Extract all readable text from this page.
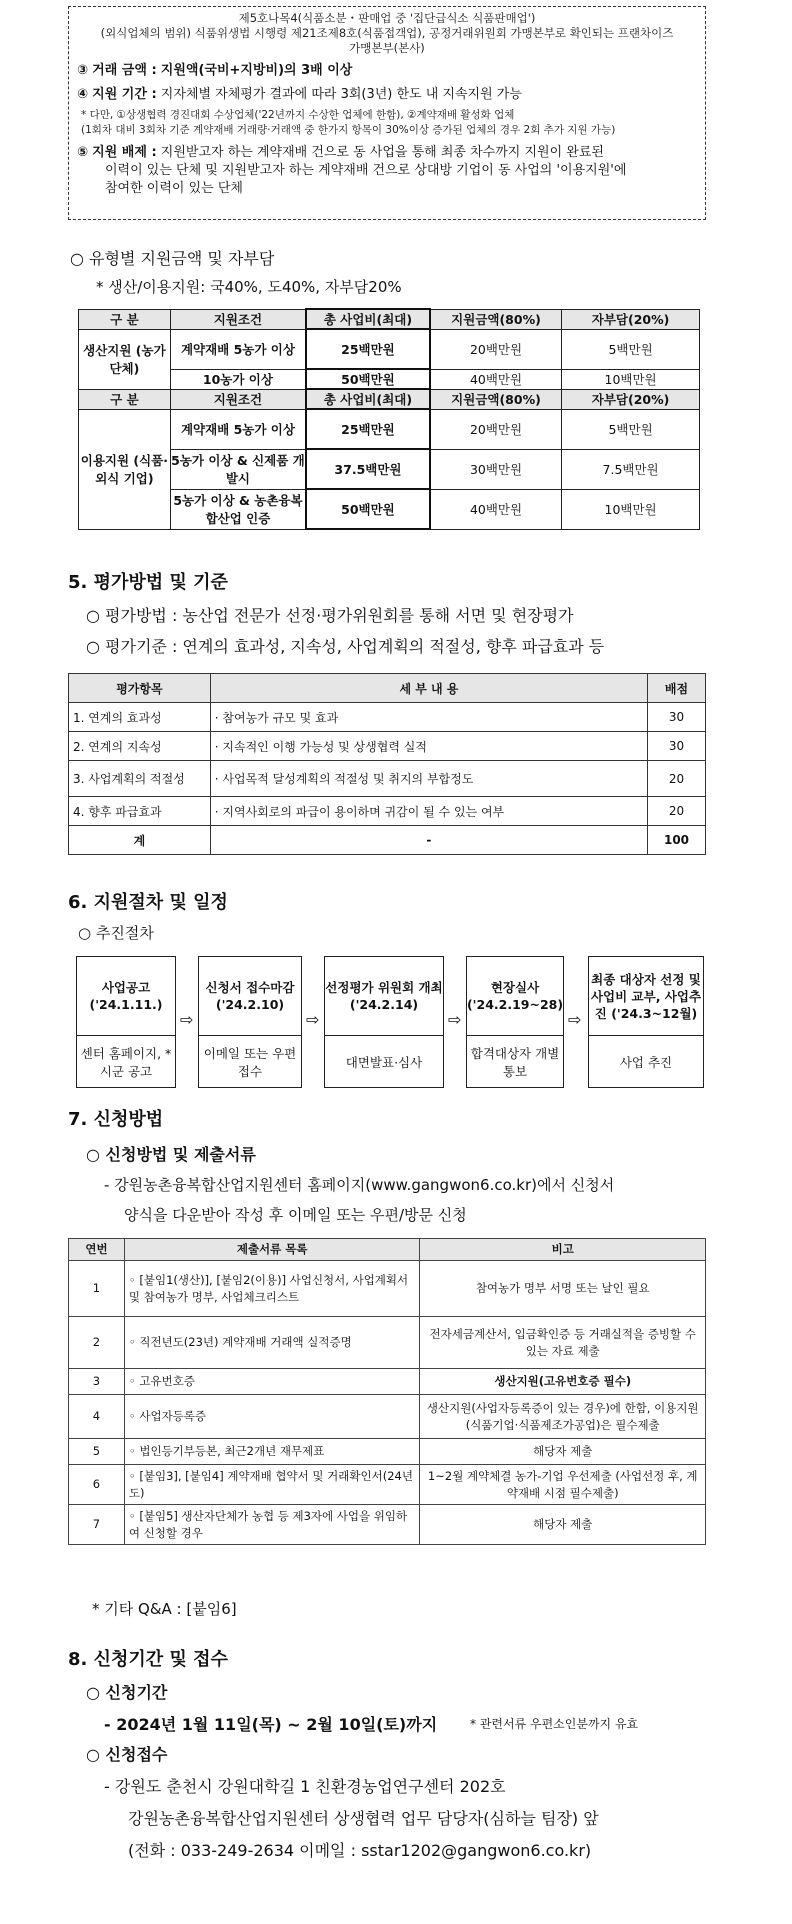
제5호나목4(식품소분・판매업 중 '집단급식소 식품판매업')
(외식업체의 범위) 식품위생법 시행령 제21조제8호(식품접객업), 공정거래위원회 가맹본부로 확인되는 프랜차이즈
가맹본부(본사)
③ 거래 금액 : 지원액(국비+지방비)의 3배 이상
④ 지원 기간 : 지자체별 자체평가 결과에 따라 3회(3년) 한도 내 지속지원 가능
* 다만, ①상생협력 경진대회 수상업체('22년까지 수상한 업체에 한함), ②계약재배 활성화 업체
(1회차 대비 3회차 기준 계약재배 거래량·거래액 중 한가지 항목이 30%이상 증가된 업체의 경우 2회 추가 지원 가능)
⑤ 지원 배제 : 지원받고자 하는 계약재배 건으로 동 사업을 통해 최종 차수까지 지원이 완료된
이력이 있는 단체 및 지원받고자 하는 계약재배 건으로 상대방 기업이 동 사업의 '이용지원'에
참여한 이력이 있는 단체
○ 유형별 지원금액 및 자부담
* 생산/이용지원: 국40%, 도40%, 자부담20%
구 분	지원조건	총 사업비(최대)	지원금액(80%)	자부담(20%)
생산지원 (농가단체)	계약재배 5농가 이상	25백만원	20백만원	5백만원
	10농가 이상	50백만원	40백만원	10백만원
구 분	지원조건	총 사업비(최대)	지원금액(80%)	자부담(20%)
이용지원 (식품·외식 기업)	계약재배 5농가 이상	25백만원	20백만원	5백만원
	5농가 이상 & 신제품 개발시	37.5백만원	30백만원	7.5백만원
	5농가 이상 & 농촌융복합산업 인증	50백만원	40백만원	10백만원
5. 평가방법 및 기준
○ 평가방법 : 농산업 전문가 선정·평가위원회를 통해 서면 및 현장평가
○ 평가기준 : 연계의 효과성, 지속성, 사업계획의 적절성, 향후 파급효과 등
평가항목	세 부 내 용	배점
1. 연계의 효과성	· 참여농가 규모 및 효과	30
2. 연계의 지속성	· 지속적인 이행 가능성 및 상생협력 실적	30
3. 사업계획의 적절성	· 사업목적 달성계획의 적절성 및 취지의 부합정도	20
4. 향후 파급효과	· 지역사회로의 파급이 용이하며 귀감이 될 수 있는 여부	20
계	-	100
6. 지원절차 및 일정
○ 추진절차
사업공고 ('24.1.11.)
센터 홈페이지, *시군 공고
⇨
신청서 접수마감 ('24.2.10)
이메일 또는 우편 접수
⇨
선정평가 위원회 개최 ('24.2.14)
대면발표·심사
⇨
현장실사 ('24.2.19~28)
합격대상자 개별 통보
⇨
최종 대상자 선정 및 사업비 교부, 사업추진 ('24.3~12월)
사업 추진
7. 신청방법
○ 신청방법 및 제출서류
- 강원농촌융복합산업지원센터 홈페이지(www.gangwon6.co.kr)에서 신청서
양식을 다운받아 작성 후 이메일 또는 우편/방문 신청
연번	제출서류 목록	비고
1	◦ [붙임1(생산)], [붙임2(이용)] 사업신청서, 사업계획서 및 참여농가 명부, 사업체크리스트	참여농가 명부 서명 또는 날인 필요
2	◦ 직전년도(23년) 계약재배 거래액 실적증명	전자세금계산서, 입금확인증 등 거래실적을 증빙할 수 있는 자료 제출
3	◦ 고유번호증	생산지원(고유번호증 필수)
4	◦ 사업자등록증	생산지원(사업자등록증이 있는 경우)에 한함, 이용지원(식품기업·식품제조가공업)은 필수제출
5	◦ 법인등기부등본, 최근2개년 재무제표	해당자 제출
6	◦ [붙임3], [붙임4] 계약재배 협약서 및 거래확인서(24년도)	1~2월 계약체결 농가-기업 우선제출 (사업선정 후, 계약재배 시점 필수제출)
7	◦ [붙임5] 생산자단체가 농협 등 제3자에 사업을 위임하여 신청할 경우	해당자 제출
* 기타 Q&A : [붙임6]
8. 신청기간 및 접수
○ 신청기간
- 2024년 1월 11일(목) ~ 2월 10일(토)까지	* 관련서류 우편소인분까지 유효
○ 신청접수
- 강원도 춘천시 강원대학길 1 친환경농업연구센터 202호
강원농촌융복합산업지원센터 상생협력 업무 담당자(심하늘 팀장) 앞
(전화 : 033-249-2634 이메일 : sstar1202@gangwon6.co.kr)
